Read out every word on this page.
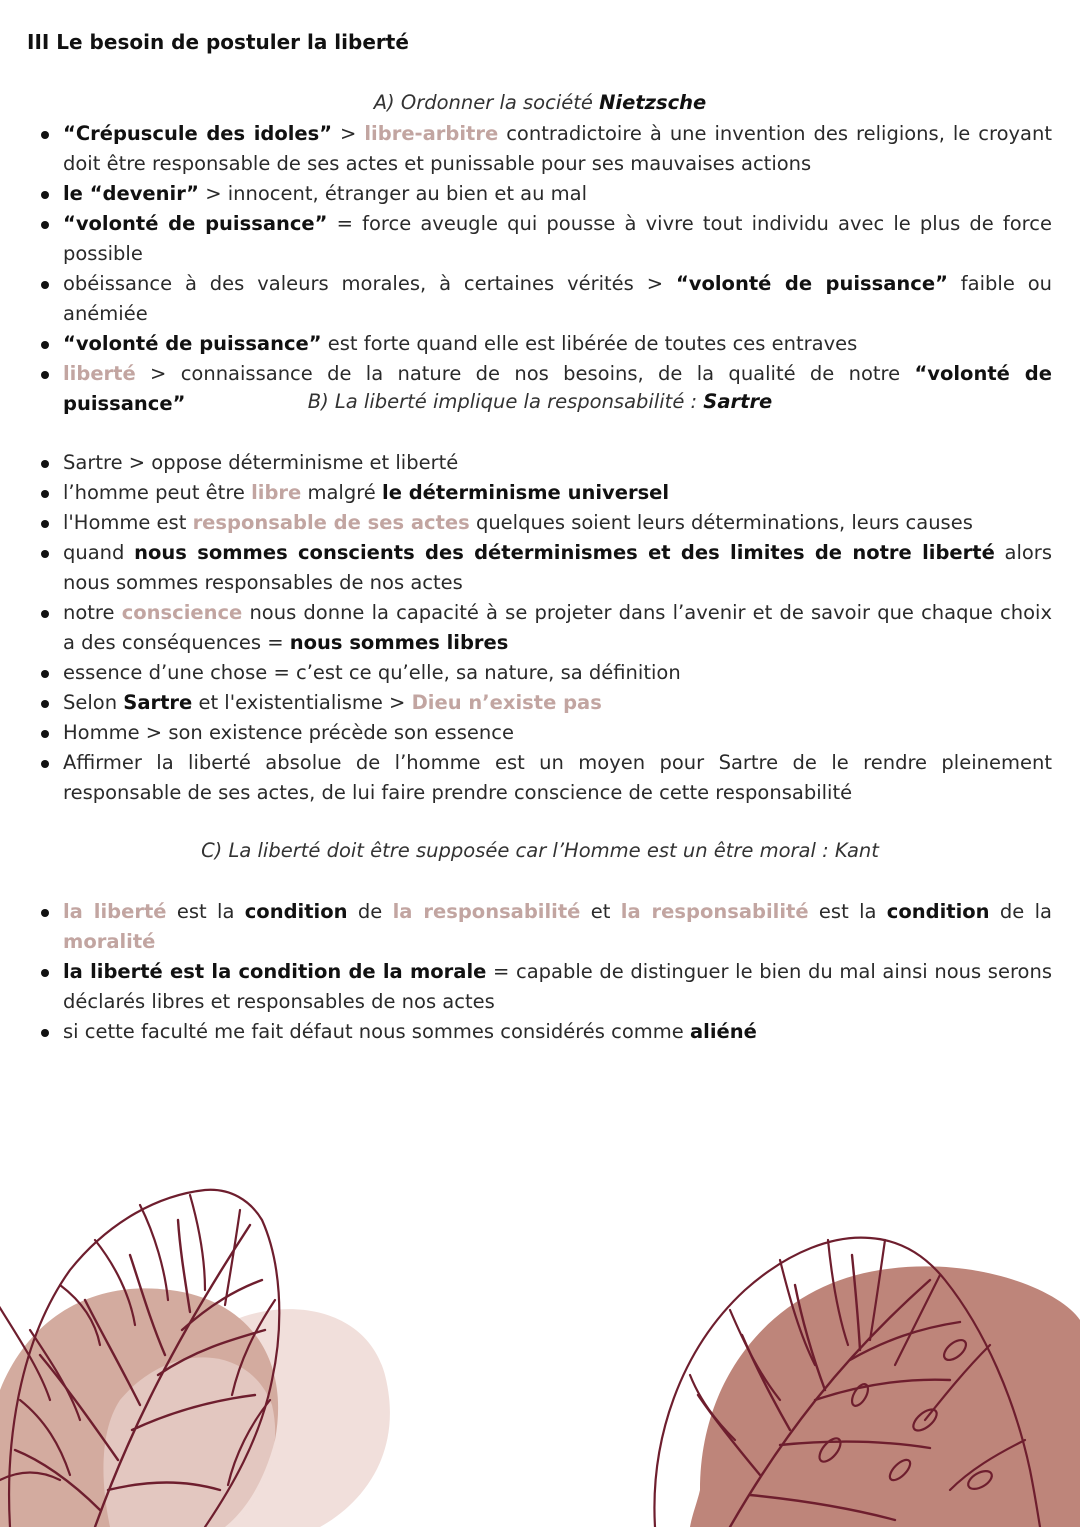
III Le besoin de postuler la liberté

A) Ordonner la société Nietzsche

“Crépuscule des idoles” > libre-arbitre contradictoire à une invention des religions, le croyant doit être responsable de ses actes et punissable pour ses mauvaises actions
le “devenir” > innocent, étranger au bien et au mal
“volonté de puissance” = force aveugle qui pousse à vivre tout individu avec le plus de force possible
obéissance à des valeurs morales, à certaines vérités > “volonté de puissance” faible ou anémiée
“volonté de puissance” est forte quand elle est libérée de toutes ces entraves
liberté > connaissance de la nature de nos besoins, de la qualité de notre “volonté de puissance”	B) La liberté implique la responsabilité : Sartre

Sartre > oppose déterminisme et liberté
l’homme peut être libre malgré le déterminisme universel
l'Homme est responsable de ses actes quelques soient leurs déterminations, leurs causes
quand nous sommes conscients des déterminismes et des limites de notre liberté alors nous sommes responsables de nos actes
notre conscience nous donne la capacité à se projeter dans l’avenir et de savoir que chaque choix a des conséquences = nous sommes libres
essence d’une chose = c’est ce qu’elle, sa nature, sa définition
Selon Sartre et l'existentialisme > Dieu n’existe pas
Homme > son existence précède son essence
Affirmer la liberté absolue de l’homme est un moyen pour Sartre de le rendre pleinement responsable de ses actes, de lui faire prendre conscience de cette responsabilité

C) La liberté doit être supposée car l’Homme est un être moral : Kant

la liberté est la condition de la responsabilité et la responsabilité est la condition de la moralité
la liberté est la condition de la morale = capable de distinguer le bien du mal ainsi nous serons déclarés libres et responsables de nos actes
si cette faculté me fait défaut nous sommes considérés comme aliéné
